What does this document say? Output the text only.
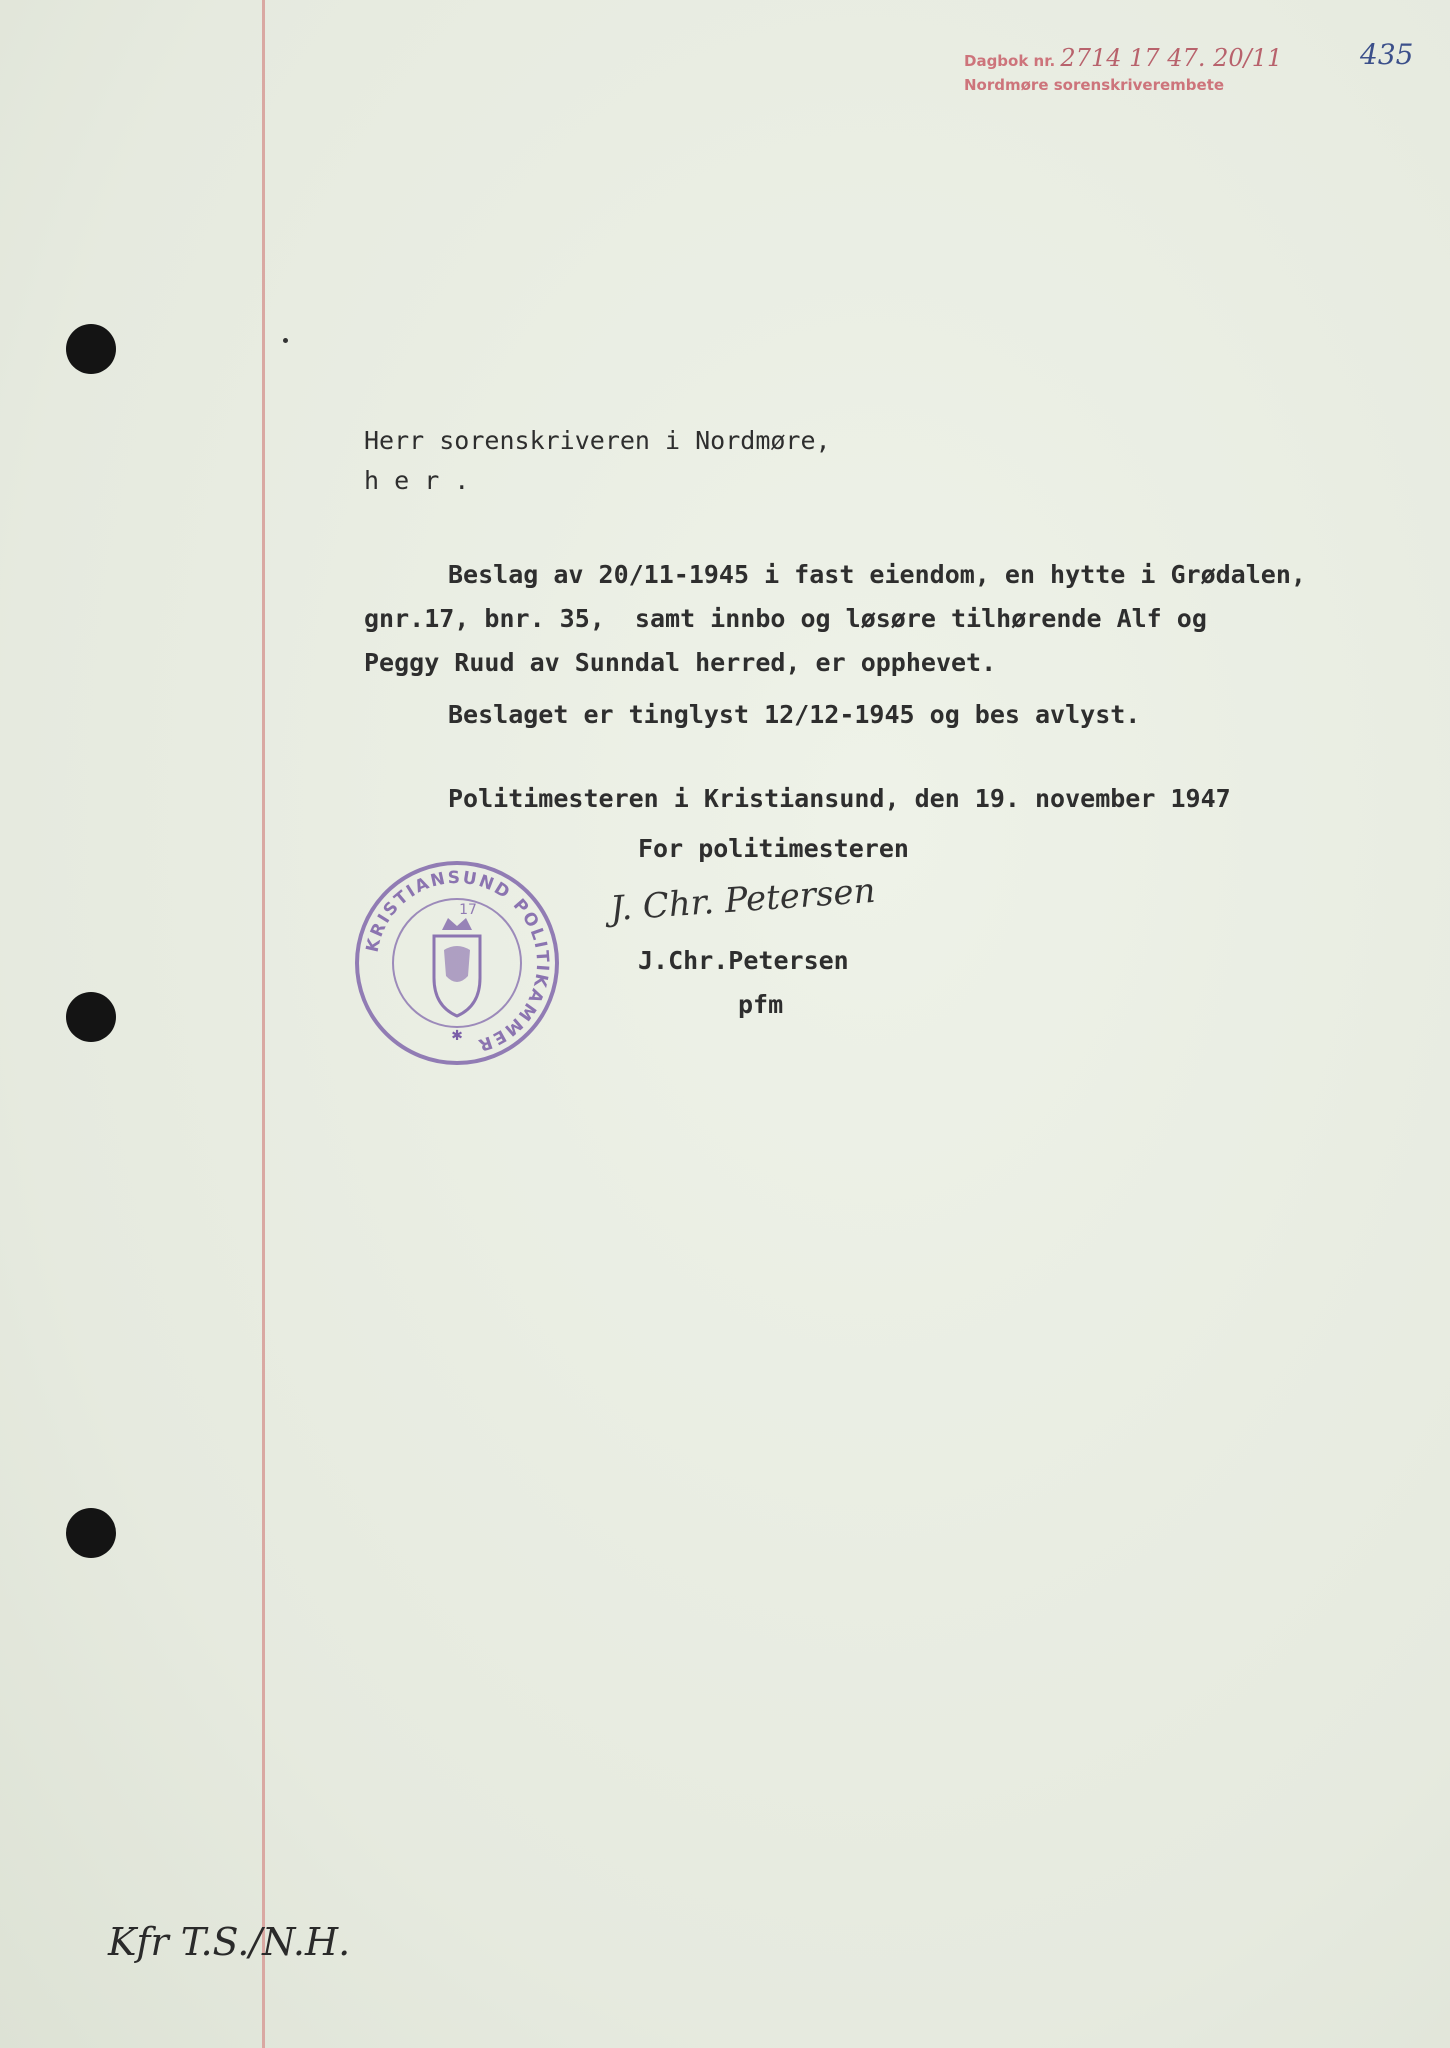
Dagbok nr. 2714 17 47. 20/11
Nordmøre sorenskriverembete
435
Herr sorenskriveren i Nordmøre,
h e r .
Beslag av 20/11-1945 i fast eiendom, en hytte i Grødalen,
gnr.17, bnr. 35,  samt innbo og løsøre tilhørende Alf og
Peggy Ruud av Sunndal herred, er opphevet.
Beslaget er tinglyst 12/12-1945 og bes avlyst.
Politimesteren i Kristiansund, den 19. november 1947
For politimesteren
KRISTIANSUND POLITIKAMMER
✱
17	J. Chr. Petersen
J.Chr.Petersen
pfm
Kfr T.S./N.H.
